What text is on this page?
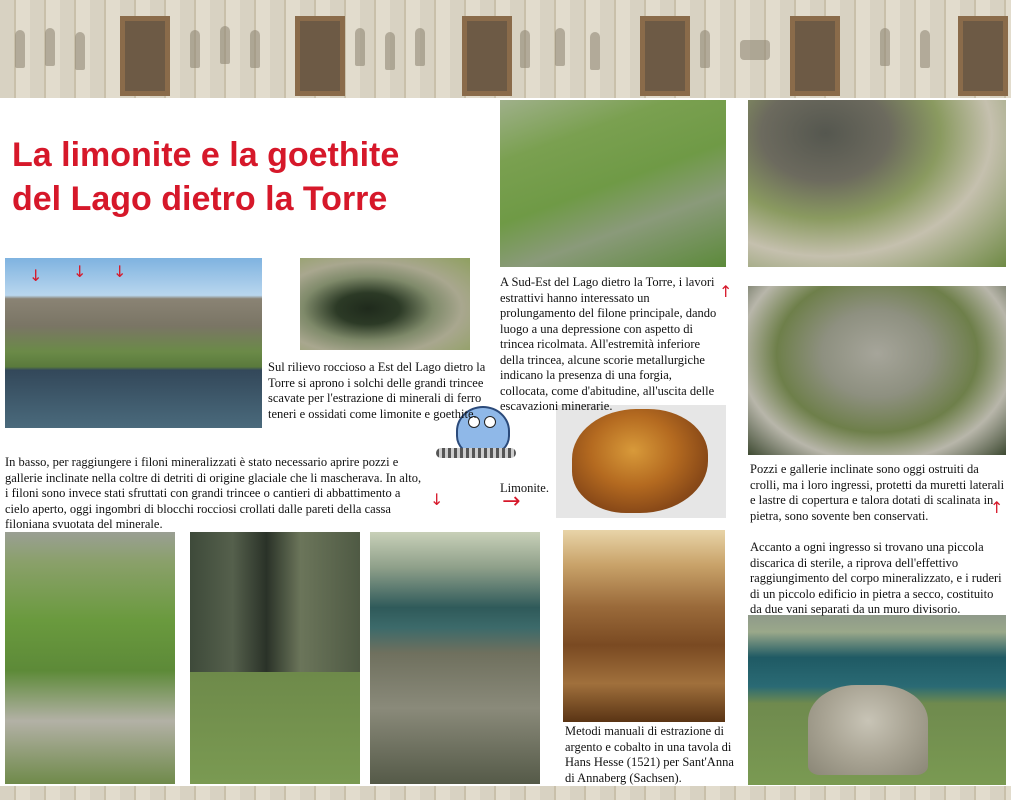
La limonite e la goethite
del Lago dietro la Torre
↓ ↓ ↓
↓
Sul rilievo roccioso a Est del Lago dietro la Torre si aprono i solchi delle grandi trincee scavate per l'estrazione di minerali di ferro teneri e ossidati come limonite e goethite.
A Sud-Est del Lago dietro la Torre, i lavori estrattivi hanno interessato un prolungamento del filone principale, dando luogo a una depressione con aspetto di trincea ricolmata. All'estremità inferiore della trincea, alcune scorie metallurgiche indicano la presenza di una forgia, collocata, come d'abitudine, all'uscita delle escavazioni minerarie.
↑
In basso, per raggiungere i filoni mineralizzati è stato necessario aprire pozzi e gallerie inclinate nella coltre di detriti di origine glaciale che li mascherava. In alto, i filoni sono invece stati sfruttati con grandi trincee o cantieri di abbattimento a cielo aperto, oggi ingombri di blocchi rocciosi crollati dalle pareti della cassa filoniana svuotata del minerale.
Limonite.
→
Pozzi e gallerie inclinate sono oggi ostruiti da crolli, ma i loro ingressi, protetti da muretti laterali e lastre di copertura e talora dotati di scalinata in pietra, sono sovente ben conservati.	↑
Accanto a ogni ingresso si trovano una piccola discarica di sterile, a riprova dell'effettivo raggiungimento del corpo mineralizzato, e i ruderi di un piccolo edificio in pietra a secco, costituito da due vani separati da un muro divisorio.
Metodi manuali di estrazione di argento e cobalto in una tavola di Hans Hesse (1521) per Sant'Anna di Annaberg (Sachsen).
